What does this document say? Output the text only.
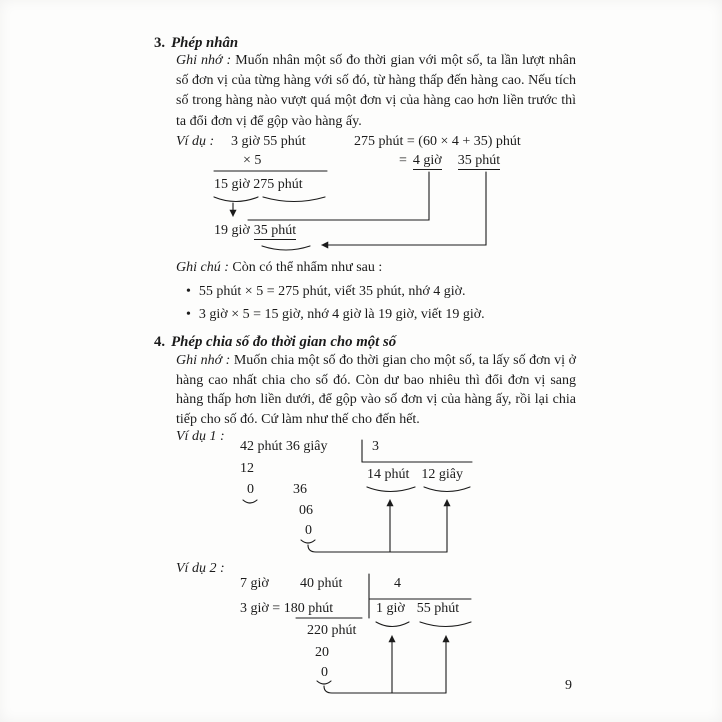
3. Phép nhân
Ghi nhớ : Muốn nhân một số đo thời gian với một số, ta lần lượt nhân số đơn vị của từng hàng với số đó, từ hàng thấp đến hàng cao. Nếu tích số trong hàng nào vượt quá một đơn vị của hàng cao hơn liền trước thì ta đổi đơn vị để gộp vào hàng ấy.
Ví dụ : 3 giờ 55 phút	275 phút = (60 × 4 + 35) phút
× 5	= 4 giờ 35 phút
15 giờ 275 phút
19 giờ 35 phút
Ghi chú : Còn có thể nhẩm như sau :
• 55 phút × 5 = 275 phút, viết 35 phút, nhớ 4 giờ.
• 3 giờ × 5 = 15 giờ, nhớ 4 giờ là 19 giờ, viết 19 giờ.
4. Phép chia số đo thời gian cho một số
Ghi nhớ : Muốn chia một số đo thời gian cho một số, ta lấy số đơn vị ở hàng cao nhất chia cho số đó. Còn dư bao nhiêu thì đổi đơn vị sang hàng thấp hơn liền dưới, để gộp vào số đơn vị của hàng ấy, rồi lại chia tiếp cho số đó. Cứ làm như thế cho đến hết.
Ví dụ 1 :
42 phút 36 giây	3
14 phút 12 giây
12
0	36
06
0
Ví dụ 2 :
7 giờ 40 phút	4
3 giờ = 180 phút	1 giờ 55 phút
220 phút
20
0
9
